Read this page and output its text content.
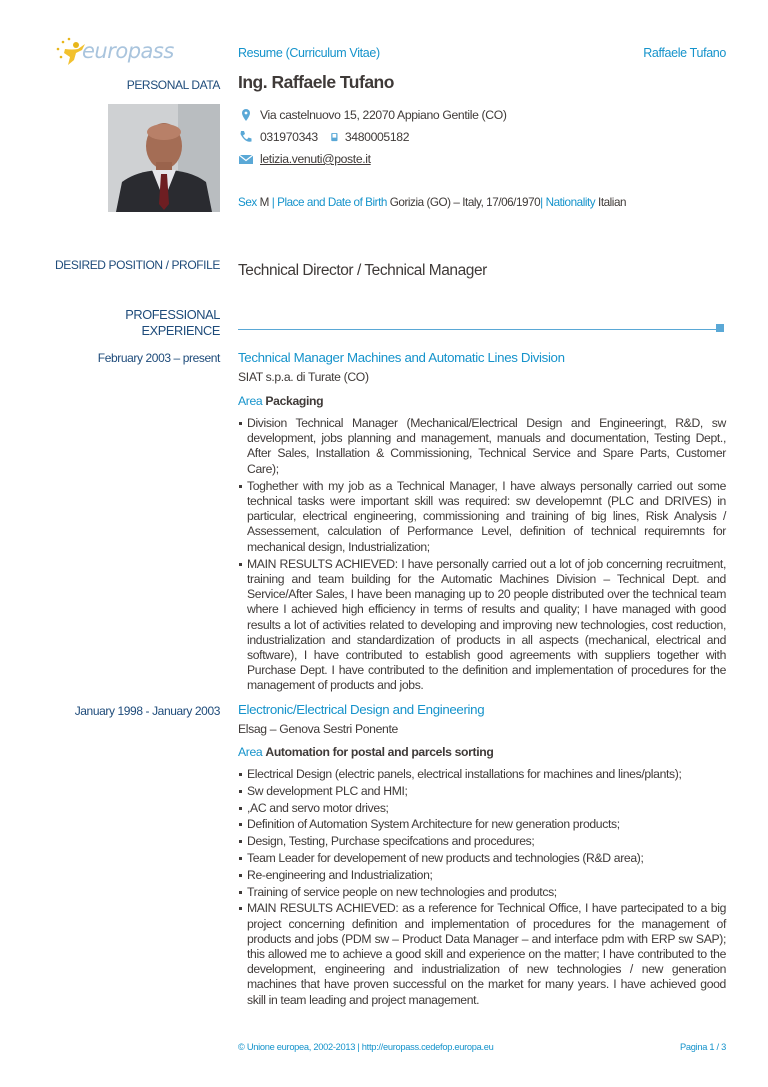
europass	Resume (Curriculum Vitae)	Raffaele Tufano
PERSONAL DATA Ing. Raffaele Tufano
Via castelnuovo 15, 22070 Appiano Gentile (CO)
031970343 3480005182
letizia.venuti@poste.it
Sex M | Place and Date of Birth Gorizia (GO) – Italy, 17/06/1970| Nationality Italian
DESIRED POSITION / PROFILE Technical Director / Technical Manager
PROFESSIONAL
EXPERIENCE
February 2003 – present Technical Manager Machines and Automatic Lines Division
SIAT s.p.a. di Turate (CO)
Area Packaging
Division Technical Manager (Mechanical/Electrical Design and Engineeringt, R&D, sw development, jobs planning and management, manuals and documentation, Testing Dept., After Sales, Installation & Commissioning, Technical Service and Spare Parts, Customer Care);
Toghether with my job as a Technical Manager, I have always personally carried out some technical tasks were important skill was required: sw developemnt (PLC and DRIVES) in particular, electrical engineering, commissioning and training of big lines, Risk Analysis / Assessement, calculation of Performance Level, definition of technical requiremnts for mechanical design, Industrialization;
MAIN RESULTS ACHIEVED: I have personally carried out a lot of job concerning recruitment, training and team building for the Automatic Machines Division – Technical Dept. and Service/After Sales, I have been managing up to 20 people distributed over the technical team where I achieved high efficiency in terms of results and quality; I have managed with good results a lot of activities related to developing and improving new technologies, cost reduction, industrialization and standardization of products in all aspects (mechanical, electrical and software), I have contributed to establish good agreements with suppliers together with Purchase Dept. I have contributed to the definition and implementation of procedures for the management of products and jobs.
January 1998 - January 2003 Electronic/Electrical Design and Engineering
Elsag – Genova Sestri Ponente
Area Automation for postal and parcels sorting
Electrical Design (electric panels, electrical installations for machines and lines/plants);
Sw development PLC and HMI;
,AC and servo motor drives;
Definition of Automation System Architecture for new generation products;
Design, Testing, Purchase specifcations and procedures;
Team Leader for developement of new products and technologies (R&D area);
Re-engineering and Industrialization;
Training of service people on new technologies and produtcs;
MAIN RESULTS ACHIEVED: as a reference for Technical Office, I have partecipated to a big project concerning definition and implementation of procedures for the management of products and jobs (PDM sw – Product Data Manager – and interface pdm with ERP sw SAP); this allowed me to achieve a good skill and experience on the matter; I have contributed to the development, engineering and industrialization of new technologies / new generation machines that have proven successful on the market for many years. I have achieved good skill in team leading and project management.
© Unione europea, 2002-2013 | http://europass.cedefop.europa.eu	Pagina 1 / 3
